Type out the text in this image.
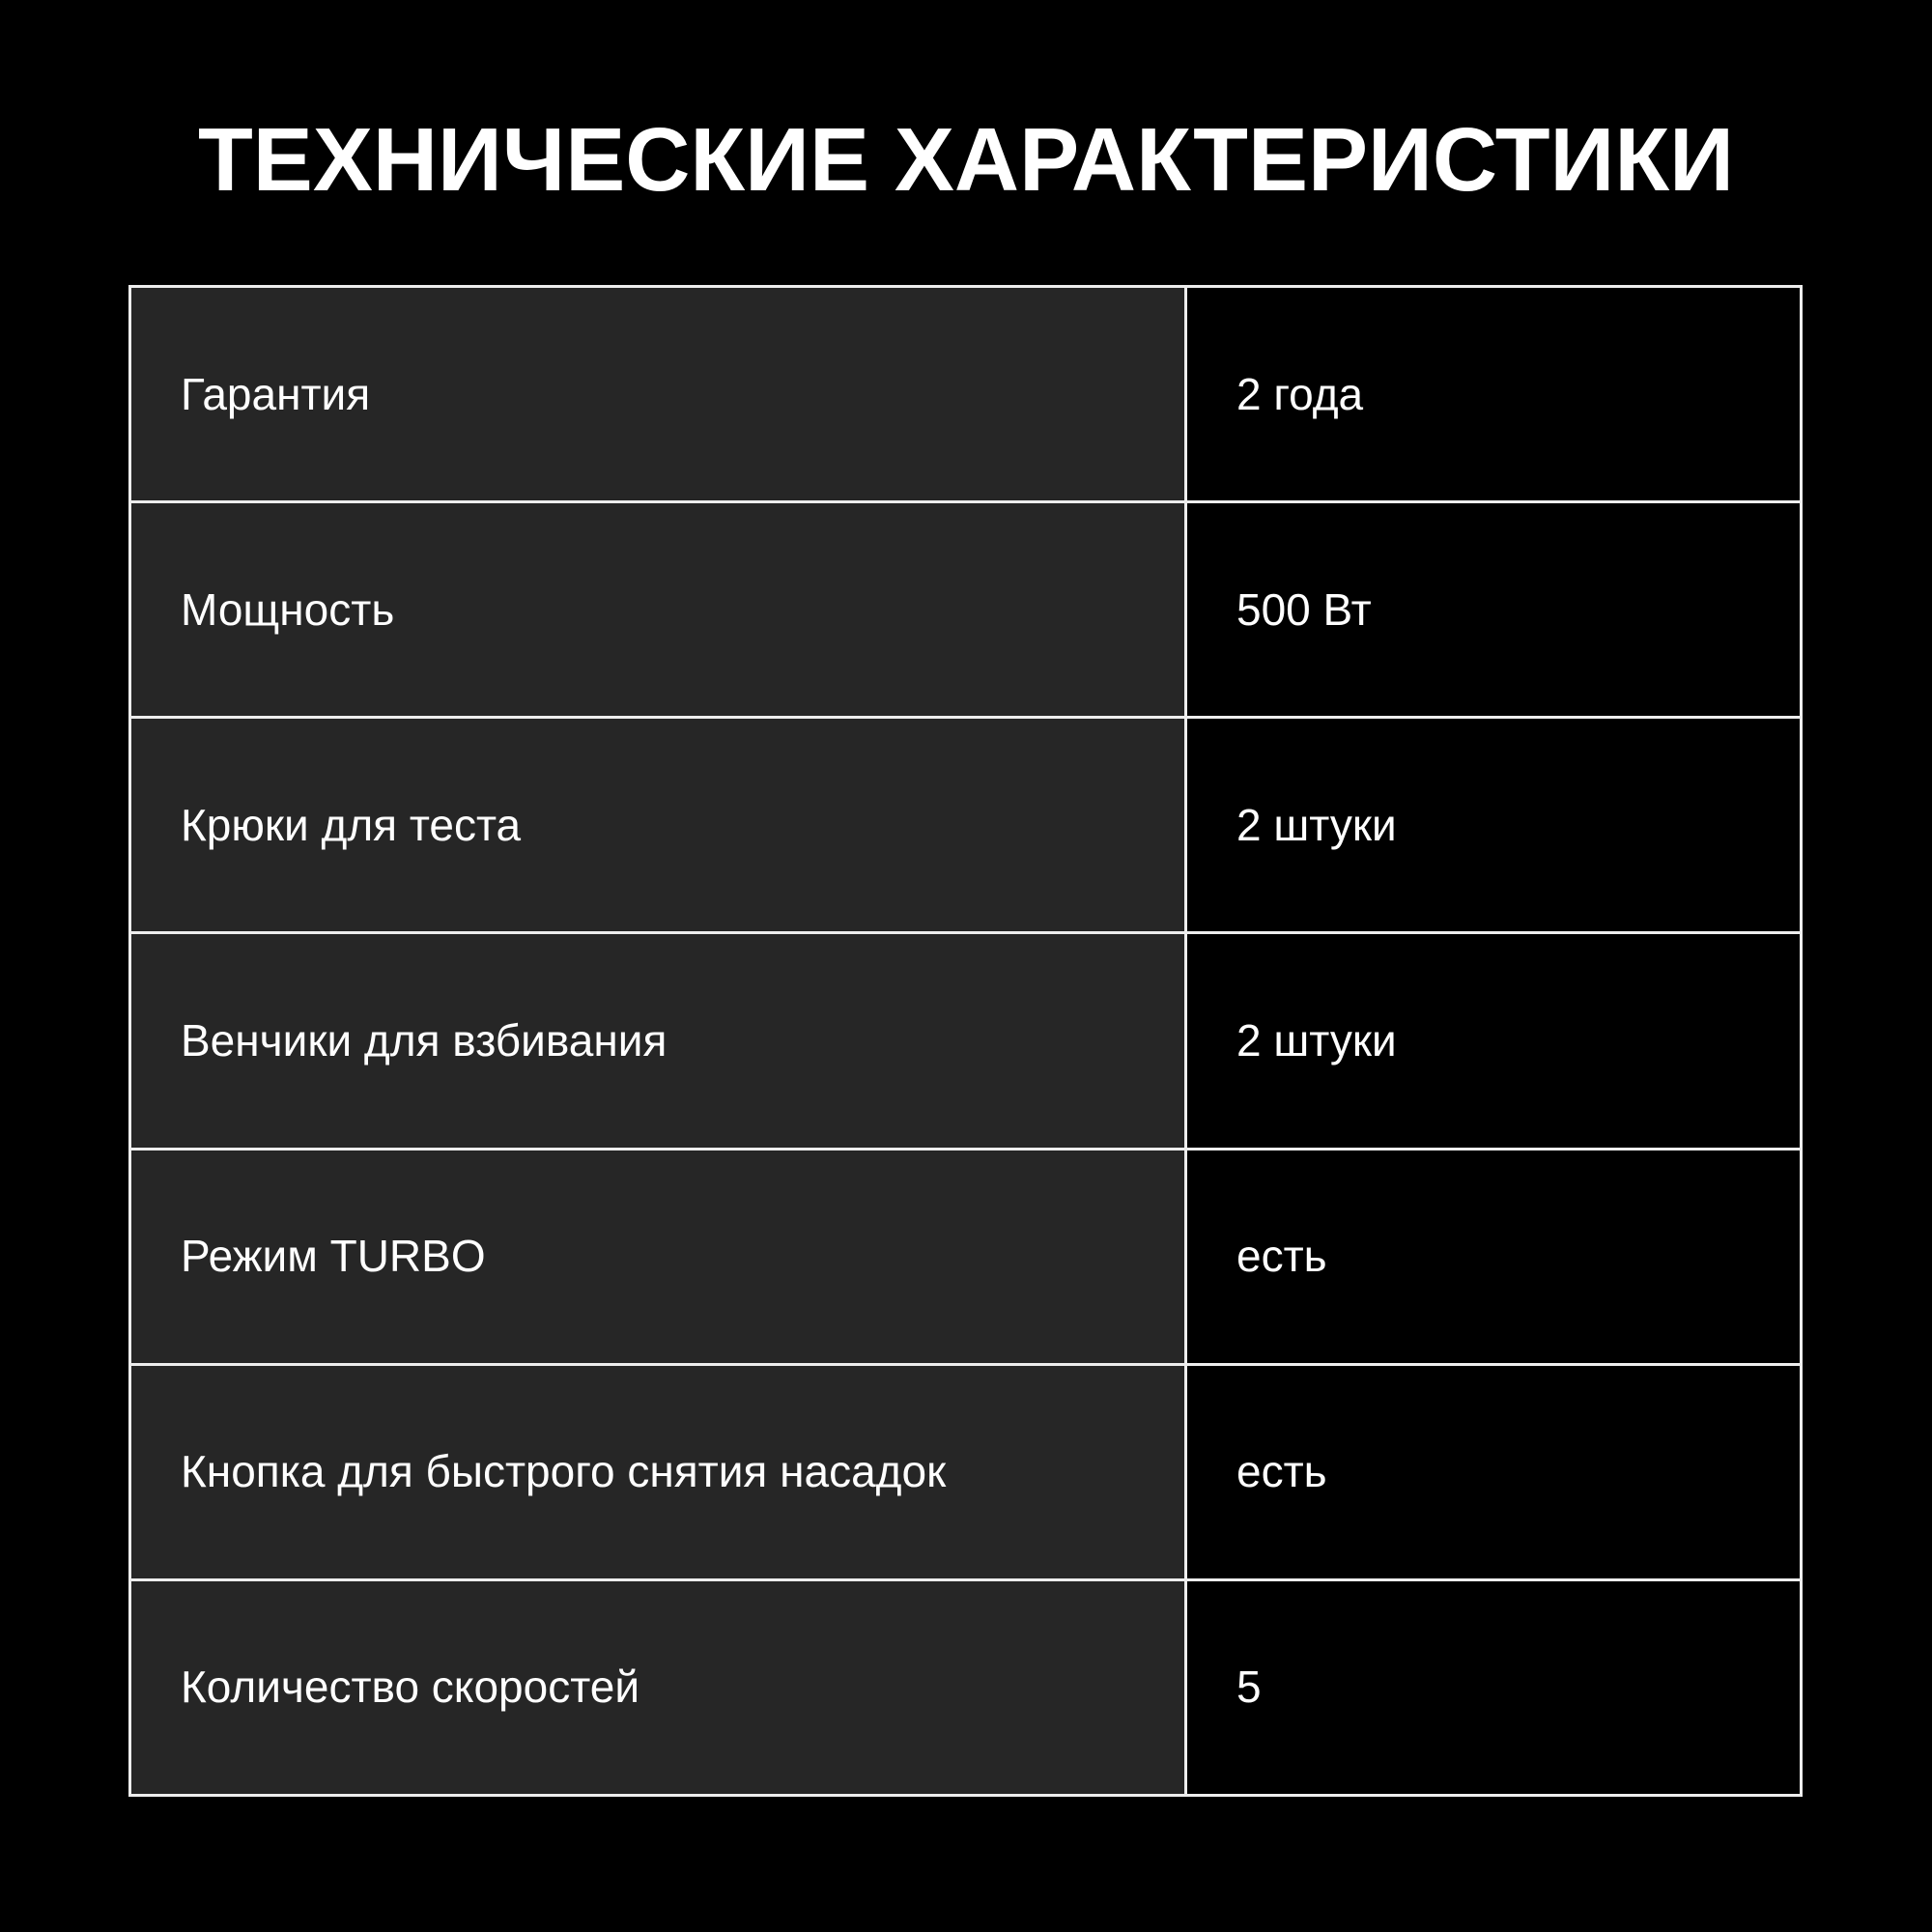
ТЕХНИЧЕСКИЕ ХАРАКТЕРИСТИКИ
Гарантия	2 года
Мощность	500 Вт
Крюки для теста	2 штуки
Венчики для взбивания	2 штуки
Режим TURBO	есть
Кнопка для быстрого снятия насадок	есть
Количество скоростей	5
